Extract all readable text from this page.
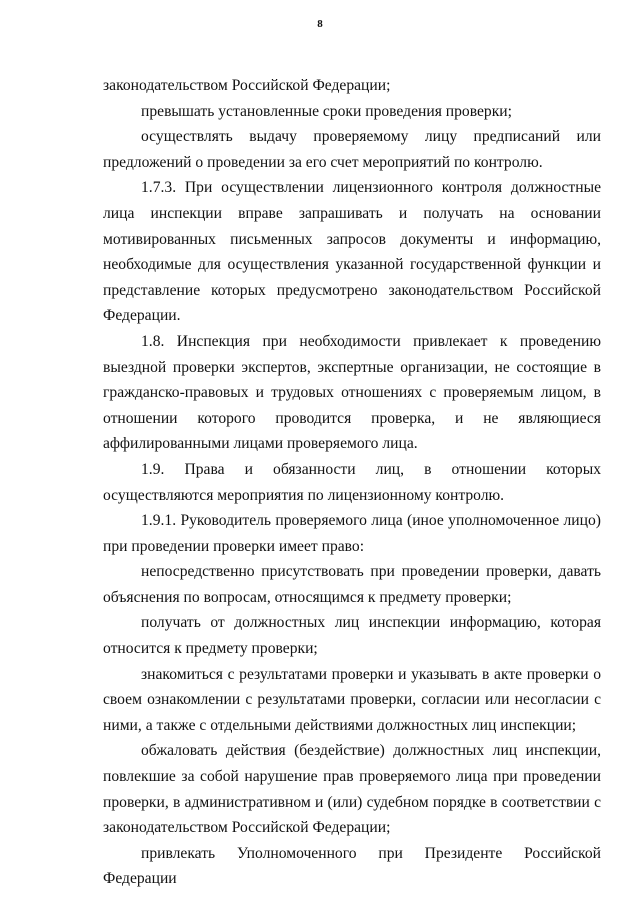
8

законодательством Российской Федерации;

превышать установленные сроки проведения проверки;

осуществлять выдачу проверяемому лицу предписаний или предложений о проведении за его счет мероприятий по контролю.

1.7.3. При осуществлении лицензионного контроля должностные лица инспекции вправе запрашивать и получать на основании мотивированных письменных запросов документы и информацию, необходимые для осуществления указанной государственной функции и представление которых предусмотрено законодательством Российской Федерации.

1.8. Инспекция при необходимости привлекает к проведению выездной проверки экспертов, экспертные организации, не состоящие в гражданско-правовых и трудовых отношениях с проверяемым лицом, в отношении которого проводится проверка, и не являющиеся аффилированными лицами проверяемого лица.

1.9. Права и обязанности лиц, в отношении которых осуществляются мероприятия по лицензионному контролю.

1.9.1. Руководитель проверяемого лица (иное уполномоченное лицо) при проведении проверки имеет право:

непосредственно присутствовать при проведении проверки, давать объяснения по вопросам, относящимся к предмету проверки;

получать от должностных лиц инспекции информацию, которая относится к предмету проверки;

знакомиться с результатами проверки и указывать в акте проверки о своем ознакомлении с результатами проверки, согласии или несогласии с ними, а также с отдельными действиями должностных лиц инспекции;

обжаловать действия (бездействие) должностных лиц инспекции, повлекшие за собой нарушение прав проверяемого лица при проведении проверки, в административном и (или) судебном порядке в соответствии с законодательством Российской Федерации;

привлекать Уполномоченного при Президенте Российской Федерации
